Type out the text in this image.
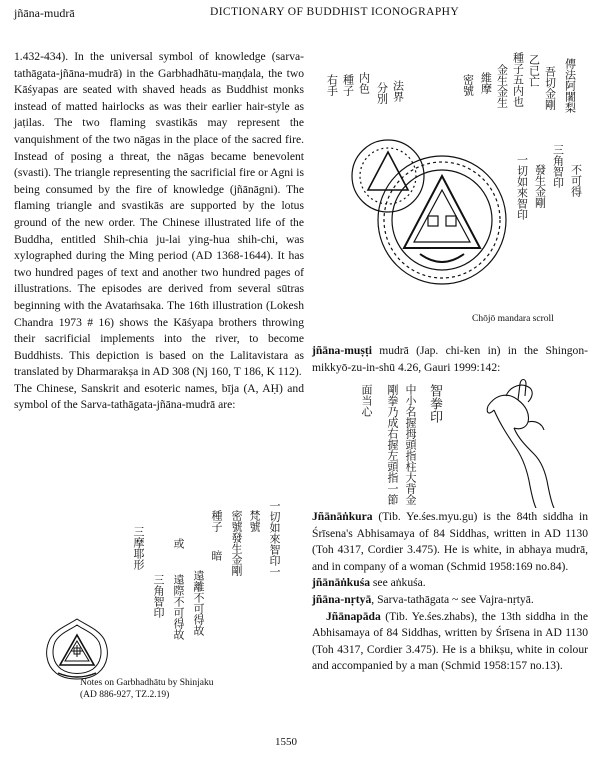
jñāna-mudrā	DICTIONARY OF BUDDHIST ICONOGRAPHY

1.432-434). In the universal symbol of knowledge (sarva-tathāgata-jñāna-mudrā) in the Garbhadhātu-maṇḍala, the two Kāśyapas are seated with shaved heads as Buddhist monks instead of matted hairlocks as was their earlier hair-style as jaṭilas. The two flaming svastikās may represent the vanquishment of the two nāgas in the place of the sacred fire. Instead of posing a threat, the nāgas became benevolent (svasti). The triangle representing the sacrificial fire or Agni is being consumed by the fire of knowledge (jñānāgni). The flaming triangle and svastikās are supported by the lotus ground of the new order. The Chinese illustrated life of the Buddha, entitled Shih-chia ju-lai ying-hua shih-chi, was xylographed during the Ming period (AD 1368-1644). It has two hundred pages of text and another two hundred pages of illustrations. The episodes are derived from several sūtras beginning with the Avataṁsaka. The 16th illustration (Lokesh Chandra 1973 # 16) shows the Kāśyapa brothers throwing their sacrificial implements into the river, to become Buddhists. This depiction is based on the Lalitavistara as translated by Dharmarakṣa in AD 308 (Nj 160, T 186, K 112).

The Chinese, Sanskrit and esoteric names, bīja (A, AḤ) and symbol of the Sarva-tathāgata-jñāna-mudrā are:

一切如來智印一
梵號
密號發生金剛
種子
暗
遠離不可得故
三摩耶形
三角智印
或
遠際不可得故
Notes on Garbhadhātu by Shinjaku
(AD 886-927, TZ.2.19)
傳法阿闍梨
吾切金剛
乙已亡
種子五内也
金生金生
維摩
密號
右手 種子 内色 分別 法界
一切如來智印 發生金剛 三角智印 不可得
Chōjō mandara scroll
jñāna-muṣṭi mudrā (Jap. chi-ken in) in the Shingon-mikkyō-zu-in-shū 4.26, Gauri 1999:142:
智拳印
中小名握拇頭指柱大背金
剛拳乃成右握左頭指一節
面当心

Jñānāṅkura (Tib. Ye.śes.myu.gu) is the 84th siddha in Śrīsena's Abhisamaya of 84 Siddhas, written in AD 1130 (Toh 4317, Cordier 3.475). He is white, in abhaya mudrā, and in company of a woman (Schmid 1958:169 no.84).

jñānāṅkuśa see aṅkuśa.

jñāna-nṛtyā, Sarva-tathāgata ~ see Vajra-nṛtyā.

Jñānapāda (Tib. Ye.śes.zhabs), the 13th siddha in the Abhisamaya of 84 Siddhas, written by Śrīsena in AD 1130 (Toh 4317, Cordier 3.475). He is a bhikṣu, white in colour and accompanied by a man (Schmid 1958:157 no.13).

1550
